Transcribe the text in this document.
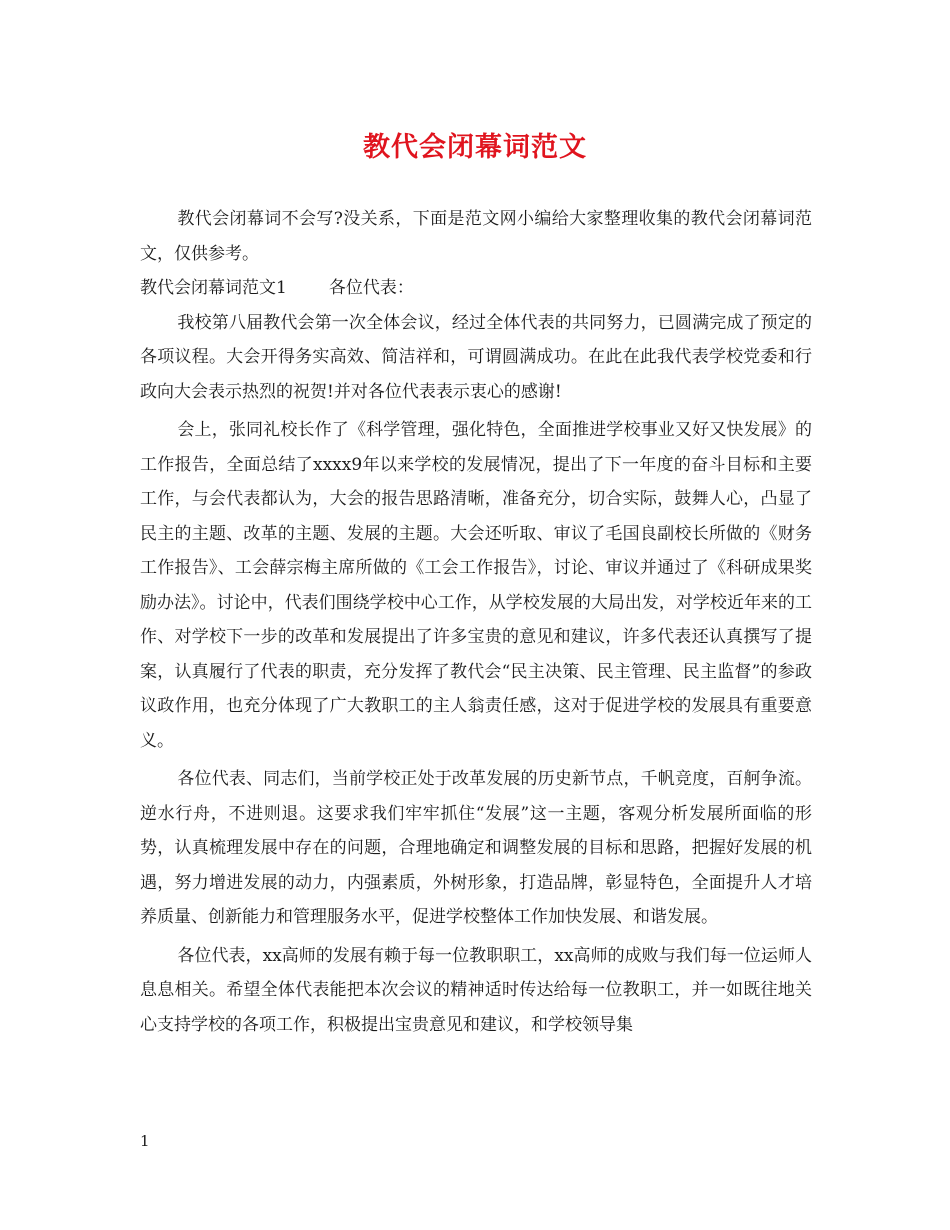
教代会闭幕词范文

教代会闭幕词不会写?没关系，下面是范文网小编给大家整理收集的教代会闭幕词范文，仅供参考。

教代会闭幕词范文1 各位代表：

我校第八届教代会第一次全体会议，经过全体代表的共同努力，已圆满完成了预定的各项议程。大会开得务实高效、简洁祥和，可谓圆满成功。在此在此我代表学校党委和行政向大会表示热烈的祝贺!并对各位代表表示衷心的感谢!

会上，张同礼校长作了《科学管理，强化特色，全面推进学校事业又好又快发展》的工作报告，全面总结了xxxx9年以来学校的发展情况，提出了下一年度的奋斗目标和主要工作，与会代表都认为，大会的报告思路清晰，准备充分，切合实际，鼓舞人心，凸显了民主的主题、改革的主题、发展的主题。大会还听取、审议了毛国良副校长所做的《财务工作报告》、工会薛宗梅主席所做的《工会工作报告》，讨论、审议并通过了《科研成果奖励办法》。讨论中，代表们围绕学校中心工作，从学校发展的大局出发，对学校近年来的工作、对学校下一步的改革和发展提出了许多宝贵的意见和建议，许多代表还认真撰写了提案，认真履行了代表的职责，充分发挥了教代会“民主决策、民主管理、民主监督”的参政议政作用，也充分体现了广大教职工的主人翁责任感，这对于促进学校的发展具有重要意义。

各位代表、同志们，当前学校正处于改革发展的历史新节点，千帆竞度，百舸争流。逆水行舟，不进则退。这要求我们牢牢抓住“发展”这一主题，客观分析发展所面临的形势，认真梳理发展中存在的问题，合理地确定和调整发展的目标和思路，把握好发展的机遇，努力增进发展的动力，内强素质，外树形象，打造品牌，彰显特色，全面提升人才培养质量、创新能力和管理服务水平，促进学校整体工作加快发展、和谐发展。

各位代表，xx高师的发展有赖于每一位教职职工，xx高师的成败与我们每一位运师人息息相关。希望全体代表能把本次会议的精神适时传达给每一位教职工，并一如既往地关心支持学校的各项工作，积极提出宝贵意见和建议，和学校领导集

1
